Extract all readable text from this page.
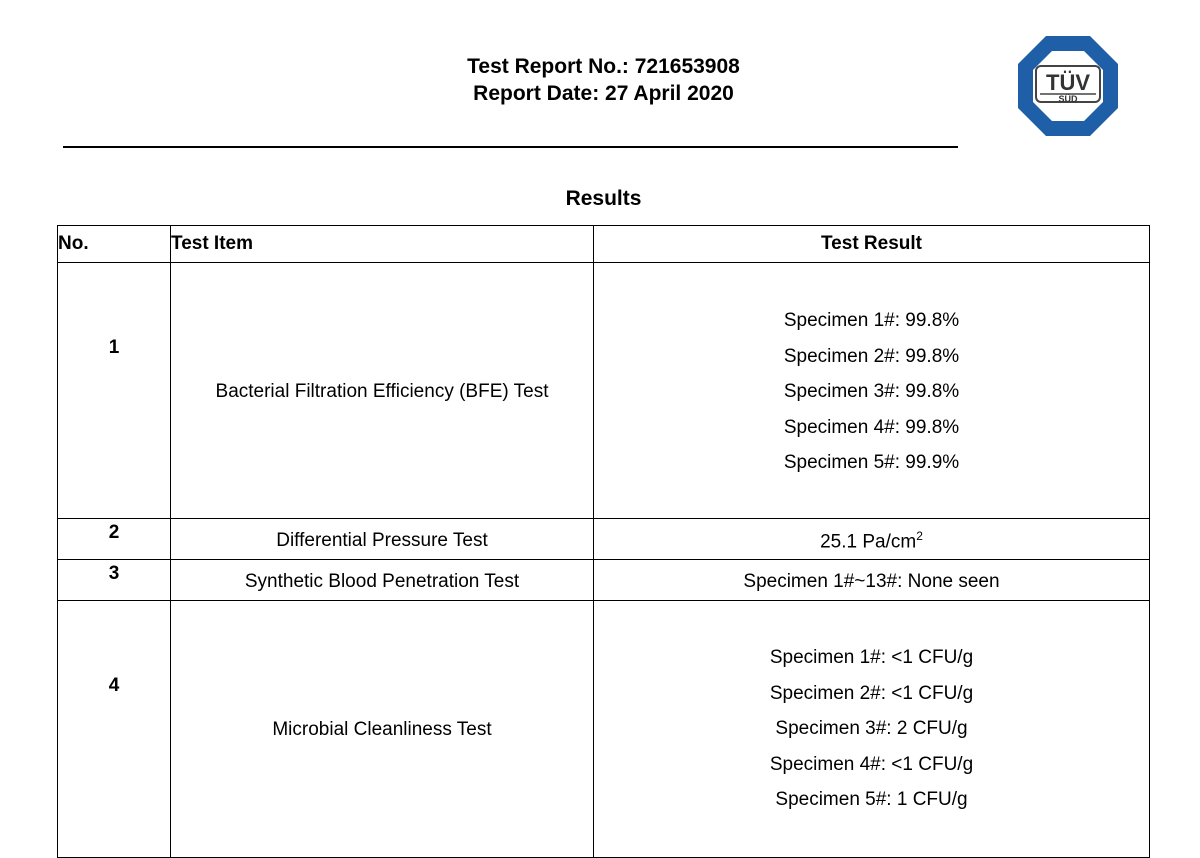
Test Report No.: 721653908
Report Date: 27 April 2020	TÜV
SÜD
Results
No.	Test Item	Test Result
1	Bacterial Filtration Efficiency (BFE) Test	Specimen 1#: 99.8%
Specimen 2#: 99.8%
Specimen 3#: 99.8%
Specimen 4#: 99.8%
Specimen 5#: 99.9%

2	Differential Pressure Test	25.1 $Pa/cm^2$
3	Synthetic Blood Penetration Test	Specimen 1#~13#: None seen
4	Microbial Cleanliness Test	Specimen 1#: <1 CFU/g
Specimen 2#: <1 CFU/g
Specimen 3#: 2 CFU/g
Specimen 4#: <1 CFU/g
Specimen 5#: 1 CFU/g
